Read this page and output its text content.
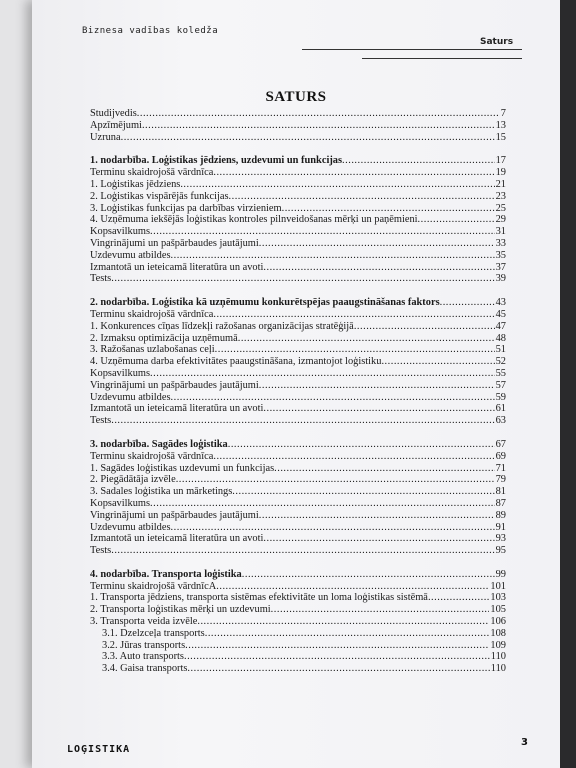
Biznesa vadības koledža
Saturs
SATURS
Studijvedis .....	7
Apzīmējumi .....	13
Uzruna .....	15
1. nodarbība. Loģistikas jēdziens, uzdevumi un funkcijas .....	17
Terminu skaidrojošā vārdnīca .....	19
1. Loģistikas jēdziens .....	21
2. Loģistikas vispārējās funkcijas .....	23
3. Loģistikas funkcijas pa darbības virzieniem .....	25
4. Uzņēmuma iekšējās loģistikas kontroles pilnveidošanas mērķi un paņēmieni .....	29
Kopsavilkums .....	31
Vingrinājumi un pašpārbaudes jautājumi .....	33
Uzdevumu atbildes .....	35
Izmantotā un ieteicamā literatūra un avoti .....	37
Tests .....	39
2. nodarbība. Loģistika kā uzņēmumu konkurētspējas paaugstināšanas faktors .....	43
Terminu skaidrojošā vārdnīca .....	45
1. Konkurences cīņas līdzekļi ražošanas organizācijas stratēģijā .....	47
2. Izmaksu optimizācija uzņēmumā .....	48
3. Ražošanas uzlabošanas ceļi .....	51
4. Uzņēmuma darba efektivitātes paaugstināšana, izmantojot loģistiku .....	52
Kopsavilkums .....	55
Vingrinājumi un pašpārbaudes jautājumi .....	57
Uzdevumu atbildes .....	59
Izmantotā un ieteicamā literatūra un avoti .....	61
Tests .....	63
3. nodarbība. Sagādes loģistika .....	67
Terminu skaidrojošā vārdnīca .....	69
1. Sagādes loģistikas uzdevumi un funkcijas .....	71
2. Piegādātāja izvēle .....	79
3. Sadales loģistika un mārketings .....	81
Kopsavilkums .....	87
Vingrinājumi un pašpārbaudes jautājumi .....	89
Uzdevumu atbildes .....	91
Izmantotā un ieteicamā literatūra un avoti .....	93
Tests .....	95
4. nodarbība. Transporta loģistika .....	99
Terminu skaidrojošā vārdnīcA .....	101
1. Transporta jēdziens, transporta sistēmas efektivitāte un loma loģistikas sistēmā .....	103
2. Transporta loģistikas mērķi un uzdevumi .....	105
3. Transporta veida izvēle .....	106
3.1. Dzelzceļa transports .....	108
3.2. Jūras transports .....	109
3.3. Auto transports .....	110
3.4. Gaisa transports .....	110
LOĢISTIKA
3
